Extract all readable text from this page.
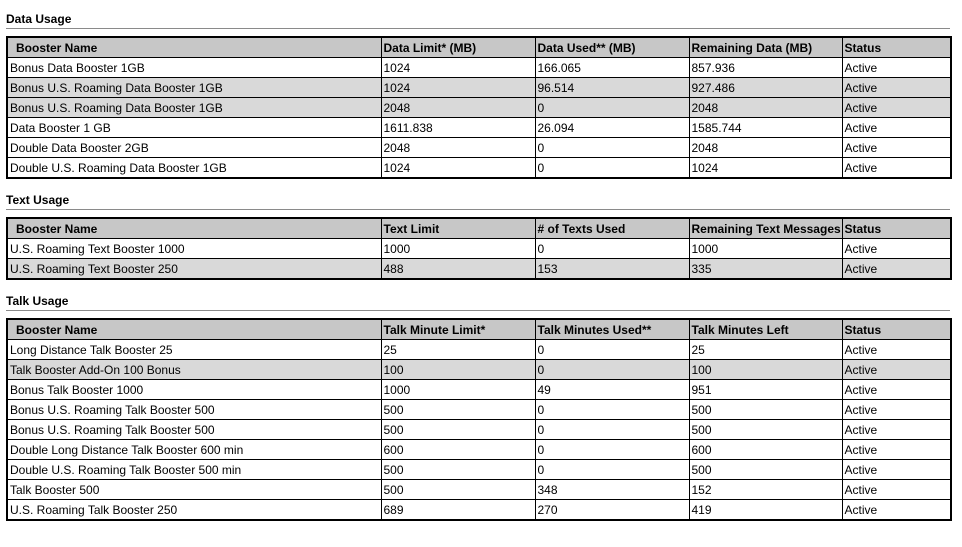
Data Usage
Booster Name	Data Limit* (MB)	Data Used** (MB)	Remaining Data (MB)	Status
Bonus Data Booster 1GB	1024	166.065	857.936	Active
Bonus U.S. Roaming Data Booster 1GB	1024	96.514	927.486	Active
Bonus U.S. Roaming Data Booster 1GB	2048	0	2048	Active
Data Booster 1 GB	1611.838	26.094	1585.744	Active
Double Data Booster 2GB	2048	0	2048	Active
Double U.S. Roaming Data Booster 1GB	1024	0	1024	Active
Text Usage
Booster Name	Text Limit	# of Texts Used	Remaining Text Messages	Status
U.S. Roaming Text Booster 1000	1000	0	1000	Active
U.S. Roaming Text Booster 250	488	153	335	Active
Talk Usage
Booster Name	Talk Minute Limit*	Talk Minutes Used**	Talk Minutes Left	Status
Long Distance Talk Booster 25	25	0	25	Active
Talk Booster Add-On 100 Bonus	100	0	100	Active
Bonus Talk Booster 1000	1000	49	951	Active
Bonus U.S. Roaming Talk Booster 500	500	0	500	Active
Bonus U.S. Roaming Talk Booster 500	500	0	500	Active
Double Long Distance Talk Booster 600 min	600	0	600	Active
Double U.S. Roaming Talk Booster 500 min	500	0	500	Active
Talk Booster 500	500	348	152	Active
U.S. Roaming Talk Booster 250	689	270	419	Active
